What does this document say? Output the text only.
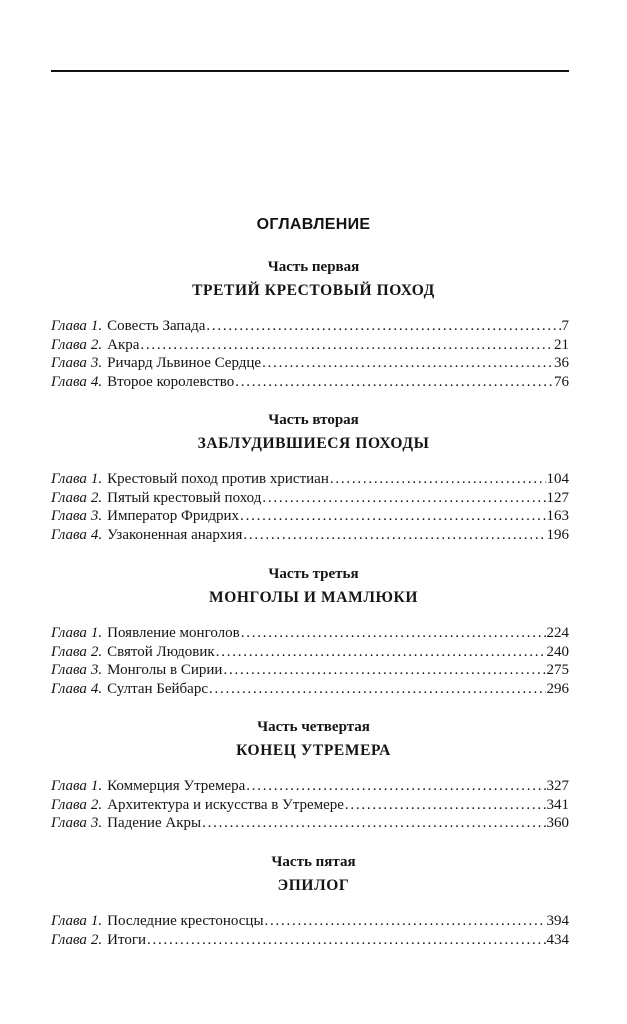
ОГЛАВЛЕНИЕ
Часть первая
ТРЕТИЙ КРЕСТОВЫЙ ПОХОД
Глава 1. Совесть Запада . . .	7
Глава 2. Акра . . .	21
Глава 3. Ричард Львиное Сердце . . .	36
Глава 4. Второе королевство . . .	76
Часть вторая
ЗАБЛУДИВШИЕСЯ ПОХОДЫ
Глава 1. Крестовый поход против христиан . . .	104
Глава 2. Пятый крестовый поход . . .	127
Глава 3. Император Фридрих . . .	163
Глава 4. Узаконенная анархия . . .	196
Часть третья
МОНГОЛЫ И МАМЛЮКИ
Глава 1. Появление монголов . . .	224
Глава 2. Святой Людовик . . .	240
Глава 3. Монголы в Сирии . . .	275
Глава 4. Султан Бейбарс . . .	296
Часть четвертая
КОНЕЦ УТРЕМЕРА
Глава 1. Коммерция Утремера . . .	327
Глава 2. Архитектура и искусства в Утремере . . .	341
Глава 3. Падение Акры . . .	360
Часть пятая
ЭПИЛОГ
Глава 1. Последние крестоносцы . . .	394
Глава 2. Итоги . . .	434
